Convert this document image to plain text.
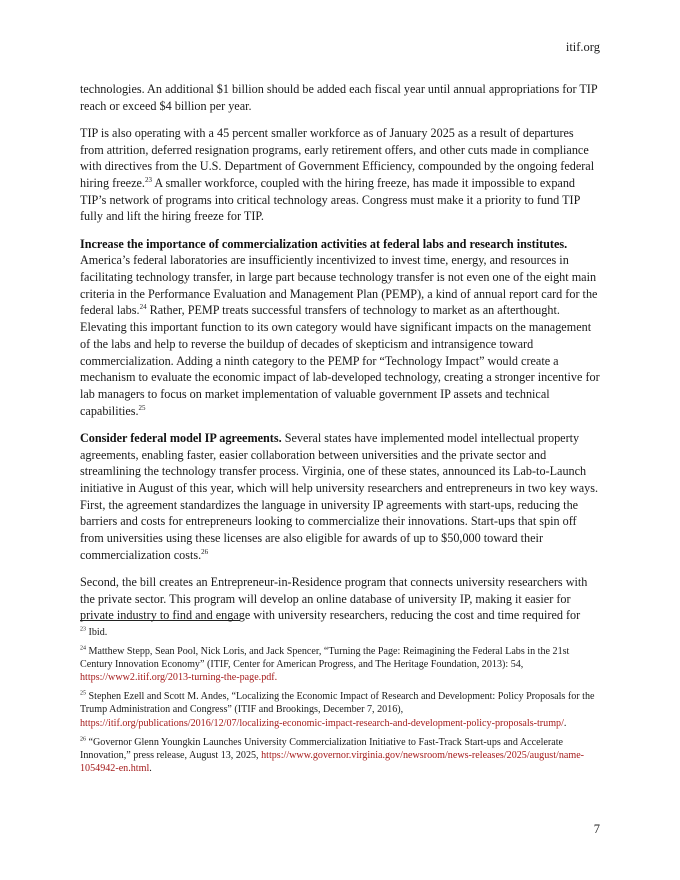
itif.org

technologies. An additional $1 billion should be added each fiscal year until annual appropriations for TIP reach or exceed $4 billion per year.

TIP is also operating with a 45 percent smaller workforce as of January 2025 as a result of departures from attrition, deferred resignation programs, early retirement offers, and other cuts made in compliance with directives from the U.S. Department of Government Efficiency, compounded by the ongoing federal hiring freeze.$^{23}$ A smaller workforce, coupled with the hiring freeze, has made it impossible to expand TIP’s network of programs into critical technology areas. Congress must make it a priority to fund TIP fully and lift the hiring freeze for TIP.

Increase the importance of commercialization activities at federal labs and research institutes. America’s federal laboratories are insufficiently incentivized to invest time, energy, and resources in facilitating technology transfer, in large part because technology transfer is not even one of the eight main criteria in the Performance Evaluation and Management Plan (PEMP), a kind of annual report card for the federal labs.$^{24}$ Rather, PEMP treats successful transfers of technology to market as an afterthought. Elevating this important function to its own category would have significant impacts on the management of the labs and help to reverse the buildup of decades of skepticism and intransigence toward commercialization. Adding a ninth category to the PEMP for “Technology Impact” would create a mechanism to evaluate the economic impact of lab-developed technology, creating a stronger incentive for lab managers to focus on market implementation of valuable government IP assets and technical capabilities.$^{25}$

Consider federal model IP agreements. Several states have implemented model intellectual property agreements, enabling faster, easier collaboration between universities and the private sector and streamlining the technology transfer process. Virginia, one of these states, announced its Lab-to-Launch initiative in August of this year, which will help university researchers and entrepreneurs in two key ways. First, the agreement standardizes the language in university IP agreements with start-ups, reducing the barriers and costs for entrepreneurs looking to commercialize their innovations. Start-ups that spin off from universities using these licenses are also eligible for awards of up to $50,000 toward their commercialization costs.$^{26}$

Second, the bill creates an Entrepreneur-in-Residence program that connects university researchers with the private sector. This program will develop an online database of university IP, making it easier for private industry to find and engage with university researchers, reducing the cost and time required for

$^{23}$ Ibid.
$^{24}$ Matthew Stepp, Sean Pool, Nick Loris, and Jack Spencer, “Turning the Page: Reimagining the Federal Labs in the 21st Century Innovation Economy” (ITIF, Center for American Progress, and The Heritage Foundation, 2013): 54, https://www2.itif.org/2013-turning-the-page.pdf.
$^{25}$ Stephen Ezell and Scott M. Andes, “Localizing the Economic Impact of Research and Development: Policy Proposals for the Trump Administration and Congress” (ITIF and Brookings, December 7, 2016), https://itif.org/publications/2016/12/07/localizing-economic-impact-research-and-development-policy-proposals-trump/.
$^{26}$ “Governor Glenn Youngkin Launches University Commercialization Initiative to Fast-Track Start-ups and Accelerate Innovation,” press release, August 13, 2025, https://www.governor.virginia.gov/newsroom/news-releases/2025/august/name-1054942-en.html.
7
